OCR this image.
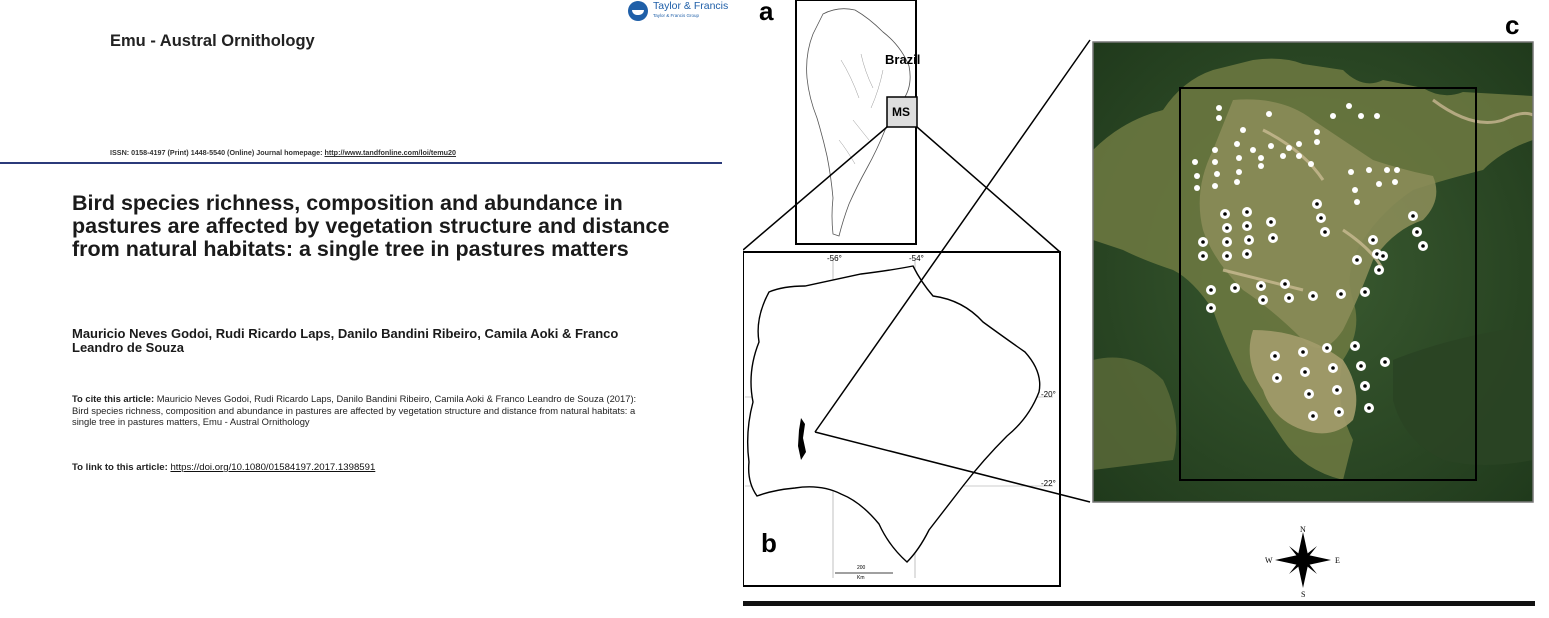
Taylor & Francis
Taylor & Francis Group
Emu - Austral Ornithology
ISSN: 0158-4197 (Print) 1448-5540 (Online) Journal homepage: http://www.tandfonline.com/loi/temu20
Bird species richness, composition and abundance in pastures are affected by vegetation structure and distance from natural habitats: a single tree in pastures matters
Mauricio Neves Godoi, Rudi Ricardo Laps, Danilo Bandini Ribeiro, Camila Aoki & Franco Leandro de Souza
To cite this article: Mauricio Neves Godoi, Rudi Ricardo Laps, Danilo Bandini Ribeiro, Camila Aoki & Franco Leandro de Souza (2017): Bird species richness, composition and abundance in pastures are affected by vegetation structure and distance from natural habitats: a single tree in pastures matters, Emu - Austral Ornithology
To link to this article: https://doi.org/10.1080/01584197.2017.1398591
a
b
c
Brazil
MS
-56°	-54°
-20°
-22°
200
Km
N
S
E
W
